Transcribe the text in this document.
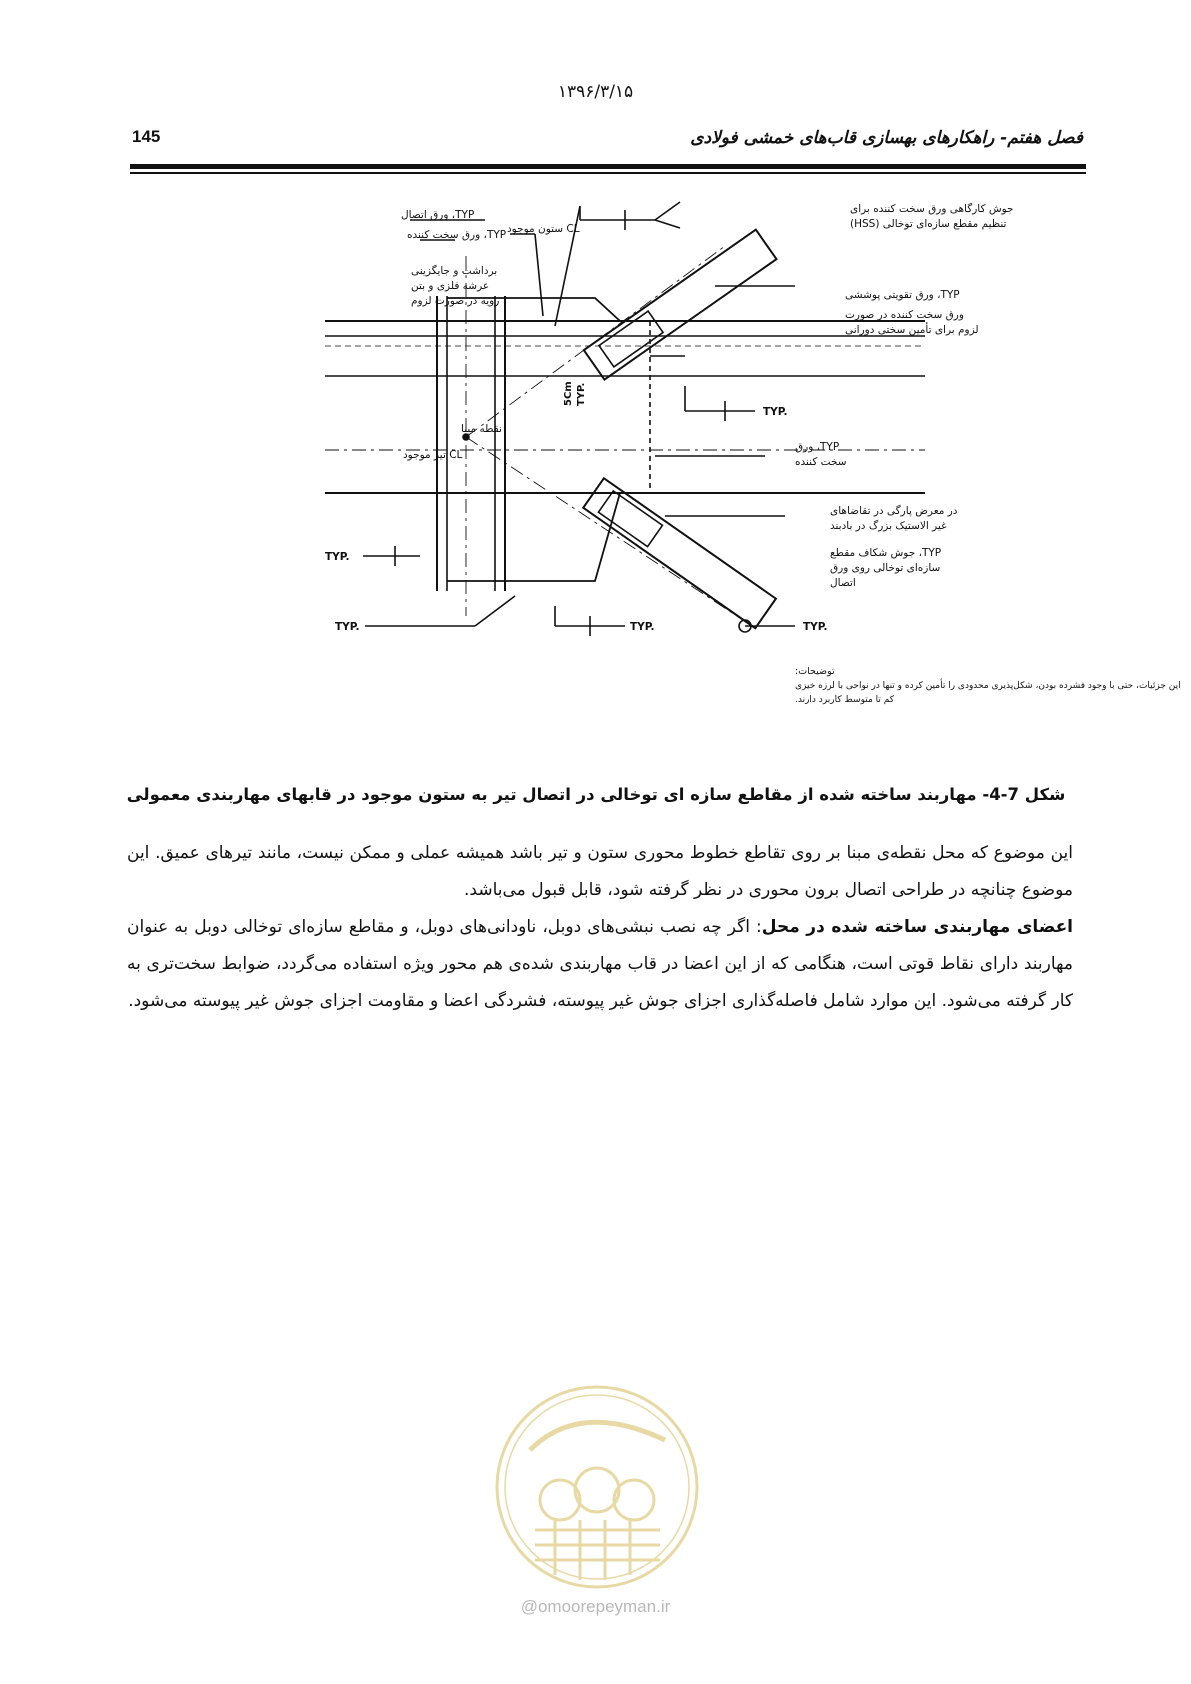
۱۳۹۶/۳/۱۵
145	فصل هفتم- راهکارهای بهسازی قاب‌های خمشی فولادی
TYP، ورق اتصال
TYP، ورق سخت کننده CL ستون موجود
برداشت و جایگزینی
عرشه فلزی و بتن
رویه در صورت لزوم
جوش کارگاهی ورق سخت کننده برای
تنظیم مقطع سازه‌ای توخالی (HSS)
TYP، ورق تقویتی پوششی
ورق سخت کننده در صورت
لزوم برای تأمین سختی دورانی
TYP، ورق
سخت کننده
در معرض پارگی در تقاضاهای
غیر الاستیک بزرگ در بادبند
TYP، جوش شکاف مقطع
سازه‌ای توخالی روی ورق
اتصال
نقطه مبنا
CL تیر موجود
توضیحات:
این جزئیات، حتی با وجود فشرده بودن، شکل‌پذیری محدودی را تأمین کرده و تنها در نواحی با لرزه خیزی
کم تا متوسط کاربرد دارند.
TYP.
TYP.
TYP.	TYP.	TYP.
5Cm TYP.
شکل 7-4- مهاربند ساخته شده از مقاطع سازه ای توخالی در اتصال تیر به ستون موجود در قابهای مهاربندی معمولی

این موضوع که محل نقطه‌ی مبنا بر روی تقاطع خطوط محوری ستون و تیر باشد همیشه عملی و ممکن نیست، مانند تیرهای عمیق. این موضوع چنانچه در طراحی اتصال برون محوری در نظر گرفته شود، قابل قبول می‌باشد.

اعضای مهاربندی ساخته شده در محل: اگر چه نصب نبشی‌های دوبل، ناودانی‌های دوبل، و مقاطع سازه‌ای توخالی دوبل به عنوان مهاربند دارای نقاط قوتی است، هنگامی که از این اعضا در قاب مهاربندی شده‌ی هم محور ویژه استفاده می‌گردد، ضوابط سخت‌تری به کار گرفته می‌شود. این موارد شامل فاصله‌گذاری اجزای جوش غیر پیوسته، فشردگی اعضا و مقاومت اجزای جوش غیر پیوسته می‌شود.

@omoorepeyman.ir
